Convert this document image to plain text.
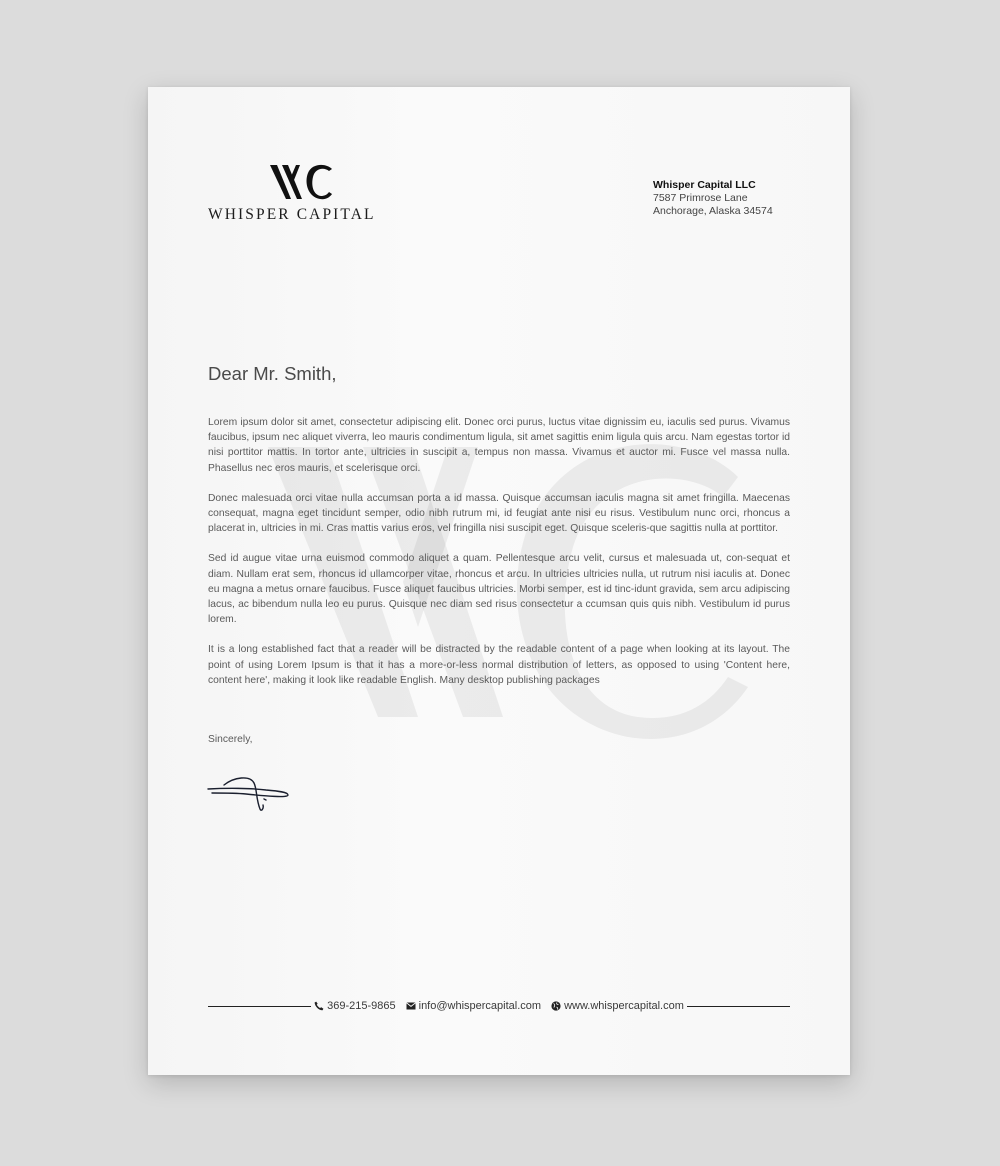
WHISPER CAPITAL
Whisper Capital LLC
7587 Primrose Lane
Anchorage, Alaska 34574
Dear Mr. Smith,

Lorem ipsum dolor sit amet, consectetur adipiscing elit. Donec orci purus, luctus vitae dignissim eu, iaculis sed purus. Vivamus faucibus, ipsum nec aliquet viverra, leo mauris condimentum ligula, sit amet sagittis enim ligula quis arcu. Nam egestas tortor id nisi porttitor mattis. In tortor ante, ultricies in suscipit a, tempus non massa. Vivamus et auctor mi. Fusce vel massa nulla. Phasellus nec eros mauris, et scelerisque orci.

Donec malesuada orci vitae nulla accumsan porta a id massa. Quisque accumsan iaculis magna sit amet fringilla. Maecenas consequat, magna eget tincidunt semper, odio nibh rutrum mi, id feugiat ante nisi eu risus. Vestibulum nunc orci, rhoncus a placerat in, ultricies in mi. Cras mattis varius eros, vel fringilla nisi suscipit eget. Quisque sceleris-que sagittis nulla at porttitor.

Sed id augue vitae urna euismod commodo aliquet a quam. Pellentesque arcu velit, cursus et malesuada ut, con-sequat et diam. Nullam erat sem, rhoncus id ullamcorper vitae, rhoncus et arcu. In ultricies ultricies nulla, ut rutrum nisi iaculis at. Donec eu magna a metus ornare faucibus. Fusce aliquet faucibus ultricies. Morbi semper, est id tinc-idunt gravida, sem arcu adipiscing lacus, ac bibendum nulla leo eu purus. Quisque nec diam sed risus consectetur a ccumsan quis quis nibh. Vestibulum id purus lorem.

It is a long established fact that a reader will be distracted by the readable content of a page when looking at its layout. The point of using Lorem Ipsum is that it has a more-or-less normal distribution of letters, as opposed to using 'Content here, content here', making it look like readable English. Many desktop publishing packages

Sincerely,
369-215-9865 info@whispercapital.com www.whispercapital.com
